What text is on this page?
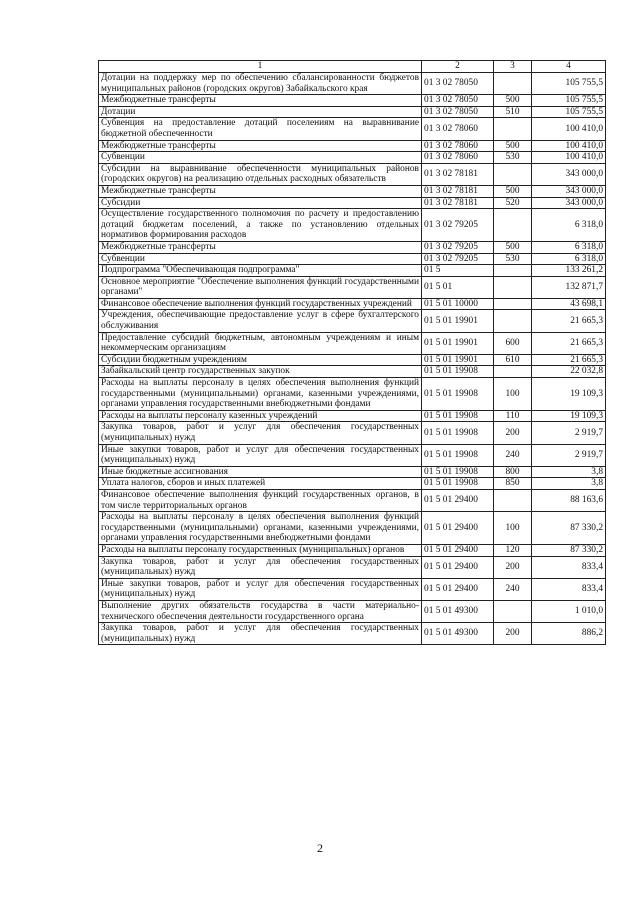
1	2	3	4
Дотации на поддержку мер по обеспечению сбалансированности бюджетов муниципальных районов (городских округов) Забайкальского края	01 3 02 78050		105 755,5
Межбюджетные трансферты	01 3 02 78050	500	105 755,5
Дотации	01 3 02 78050	510	105 755,5
Субвенция на предоставление дотаций поселениям на выравнивание бюджетной обеспеченности	01 3 02 78060		100 410,0
Межбюджетные трансферты	01 3 02 78060	500	100 410,0
Субвенции	01 3 02 78060	530	100 410,0
Субсидии на выравнивание обеспеченности муниципальных районов (городских округов) на реализацию отдельных расходных обязательств	01 3 02 78181		343 000,0
Межбюджетные трансферты	01 3 02 78181	500	343 000,0
Субсидии	01 3 02 78181	520	343 000,0
Осуществление государственного полномочия по расчету и предоставлению дотаций бюджетам поселений, а также по установлению отдельных нормативов формирования расходов	01 3 02 79205		6 318,0
Межбюджетные трансферты	01 3 02 79205	500	6 318,0
Субвенции	01 3 02 79205	530	6 318,0
Подпрограмма "Обеспечивающая подпрограмма"	01 5		133 261,2
Основное мероприятие "Обеспечение выполнения функций государственными органами"	01 5 01		132 871,7
Финансовое обеспечение выполнения функций государственных учреждений	01 5 01 10000		43 698,1
Учреждения, обеспечивающие предоставление услуг в сфере бухгалтерского обслуживания	01 5 01 19901		21 665,3
Предоставление субсидий бюджетным, автономным учреждениям и иным некоммерческим организациям	01 5 01 19901	600	21 665,3
Субсидии бюджетным учреждениям	01 5 01 19901	610	21 665,3
Забайкальский центр государственных закупок	01 5 01 19908		22 032,8
Расходы на выплаты персоналу в целях обеспечения выполнения функций государственными (муниципальными) органами, казенными учреждениями, органами управления государственными внебюджетными фондами	01 5 01 19908	100	19 109,3
Расходы на выплаты персоналу казенных учреждений	01 5 01 19908	110	19 109,3
Закупка товаров, работ и услуг для обеспечения государственных (муниципальных) нужд	01 5 01 19908	200	2 919,7
Иные закупки товаров, работ и услуг для обеспечения государственных (муниципальных) нужд	01 5 01 19908	240	2 919,7
Иные бюджетные ассигнования	01 5 01 19908	800	3,8
Уплата налогов, сборов и иных платежей	01 5 01 19908	850	3,8
Финансовое обеспечение выполнения функций государственных органов, в том числе территориальных органов	01 5 01 29400		88 163,6
Расходы на выплаты персоналу в целях обеспечения выполнения функций государственными (муниципальными) органами, казенными учреждениями, органами управления государственными внебюджетными фондами	01 5 01 29400	100	87 330,2
Расходы на выплаты персоналу государственных (муниципальных) органов	01 5 01 29400	120	87 330,2
Закупка товаров, работ и услуг для обеспечения государственных (муниципальных) нужд	01 5 01 29400	200	833,4
Иные закупки товаров, работ и услуг для обеспечения государственных (муниципальных) нужд	01 5 01 29400	240	833,4
Выполнение других обязательств государства в части материально-технического обеспечения деятельности государственного органа	01 5 01 49300		1 010,0
Закупка товаров, работ и услуг для обеспечения государственных (муниципальных) нужд	01 5 01 49300	200	886,2
2
